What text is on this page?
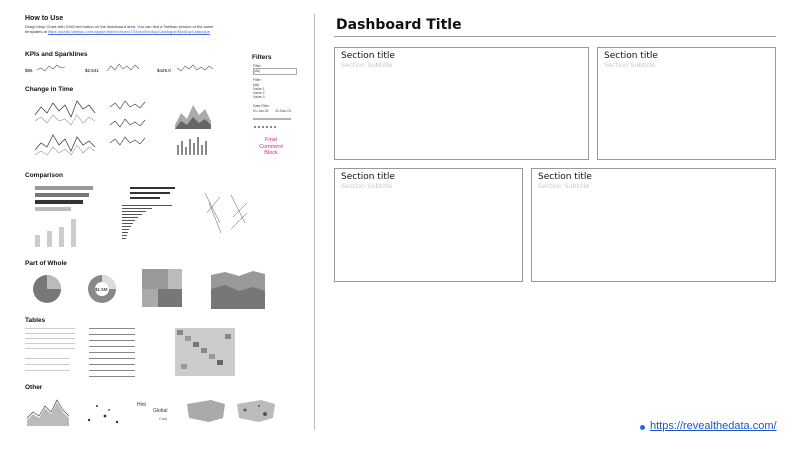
How to Use
Drag'n'drop Chart with Ctrl/Cmd button on the dashboard area. You can find a Tableau version of the same
templates at https://public.tableau.com/app/profile/mohsen4734/viz/MockupCatalogue/MockupCatalogue
KPIs and Sparklines
$96	$2,541	$429.0
Change in Time
Filters
Filter
(All)
Filter
(All)
Value 1
Value 2
Value 3
Date Filter
01-Jan-01 31-Dec-01
Final Comment Block
Comparison
Part of Whole
$1.5M
Tables
Other
Hint
Global
Colo
Dashboard Title
Section title
Section Subtitle
Section title
Section Subtitle
Section title
Section Subtitle
Section title
Section Subtitle
https://revealthedata.com/
